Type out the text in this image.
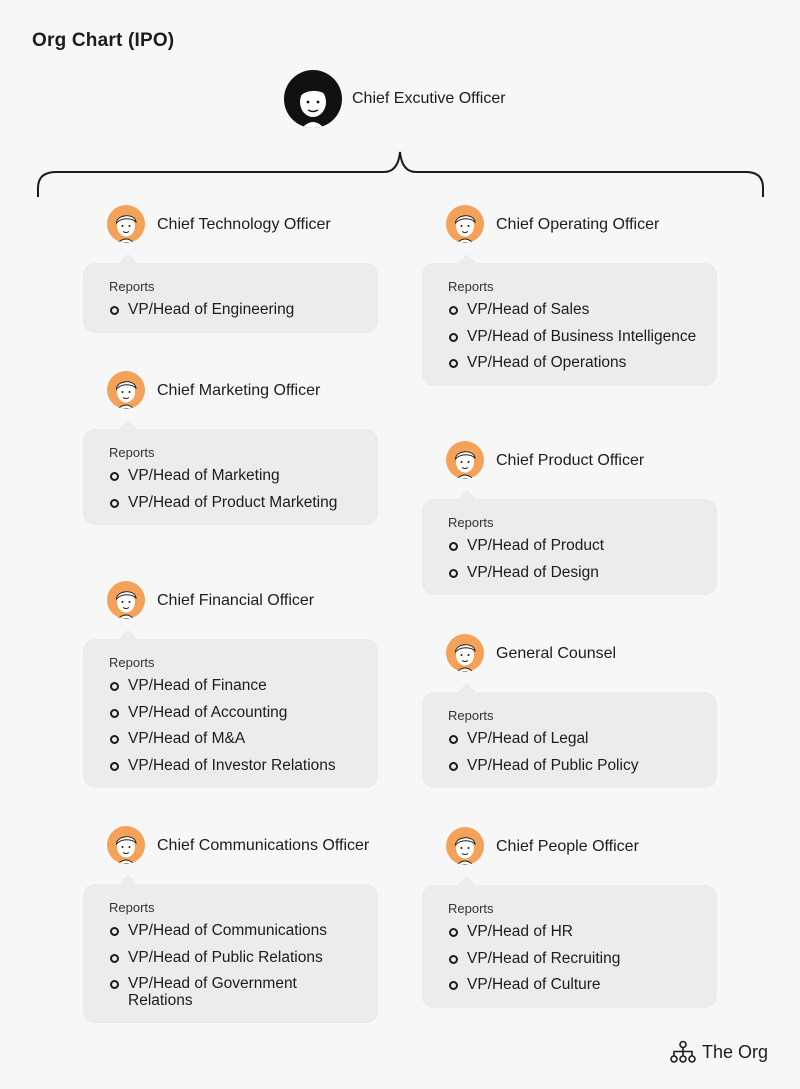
Org Chart (IPO)
Chief Excutive Officer
Chief Technology Officer
Reports
VP/Head of Engineering
Chief Operating Officer
Reports
VP/Head of Sales
VP/Head of Business Intelligence
VP/Head of Operations
Chief Marketing Officer
Reports
VP/Head of Marketing
VP/Head of Product Marketing
Chief Product Officer
Reports
VP/Head of Product
VP/Head of Design
Chief Financial Officer
Reports
VP/Head of Finance
VP/Head of Accounting
VP/Head of M&A
VP/Head of Investor Relations
General Counsel
Reports
VP/Head of Legal
VP/Head of Public Policy
Chief Communications Officer
Reports
VP/Head of Communications
VP/Head of Public Relations
VP/Head of Government Relations
Chief People Officer
Reports
VP/Head of HR
VP/Head of Recruiting
VP/Head of Culture
The Org
